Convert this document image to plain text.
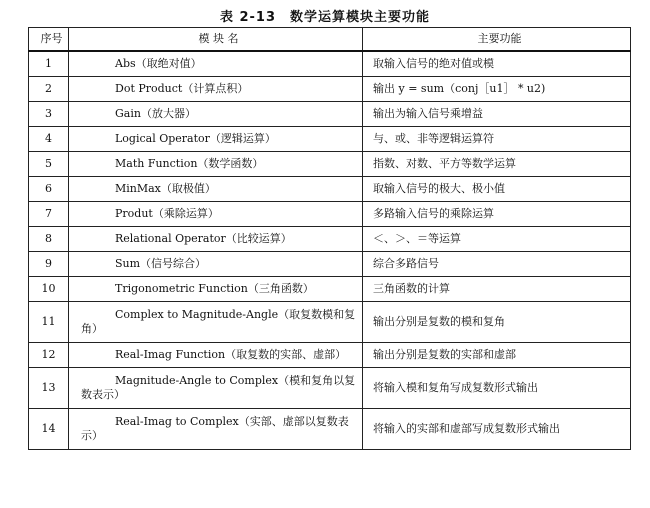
表 2-13 数学运算模块主要功能
序号	模 块 名	主要功能
1	Abs（取绝对值）	取输入信号的绝对值或模
2	Dot Product（计算点积）	输出 y = sum（conj［u1］ * u2)
3	Gain（放大器）	输出为输入信号乘增益
4	Logical Operator（逻辑运算）	与、或、非等逻辑运算符
5	Math Function（数学函数）	指数、对数、平方等数学运算
6	MinMax（取极值）	取输入信号的极大、极小值
7	Produt（乘除运算）	多路输入信号的乘除运算
8	Relational Operator（比较运算）	＜、＞、＝等运算
9	Sum（信号综合）	综合多路信号
10	Trigonometric Function（三角函数）	三角函数的计算
11	Complex to Magnitude-Angle（取复数模和复角）	输出分别是复数的模和复角
12	Real-Imag Function（取复数的实部、虚部）	输出分别是复数的实部和虚部
13	Magnitude-Angle to Complex（模和复角以复数表示）	将输入模和复角写成复数形式输出
14	Real-Imag to Complex（实部、虚部以复数表示）	将输入的实部和虚部写成复数形式输出
